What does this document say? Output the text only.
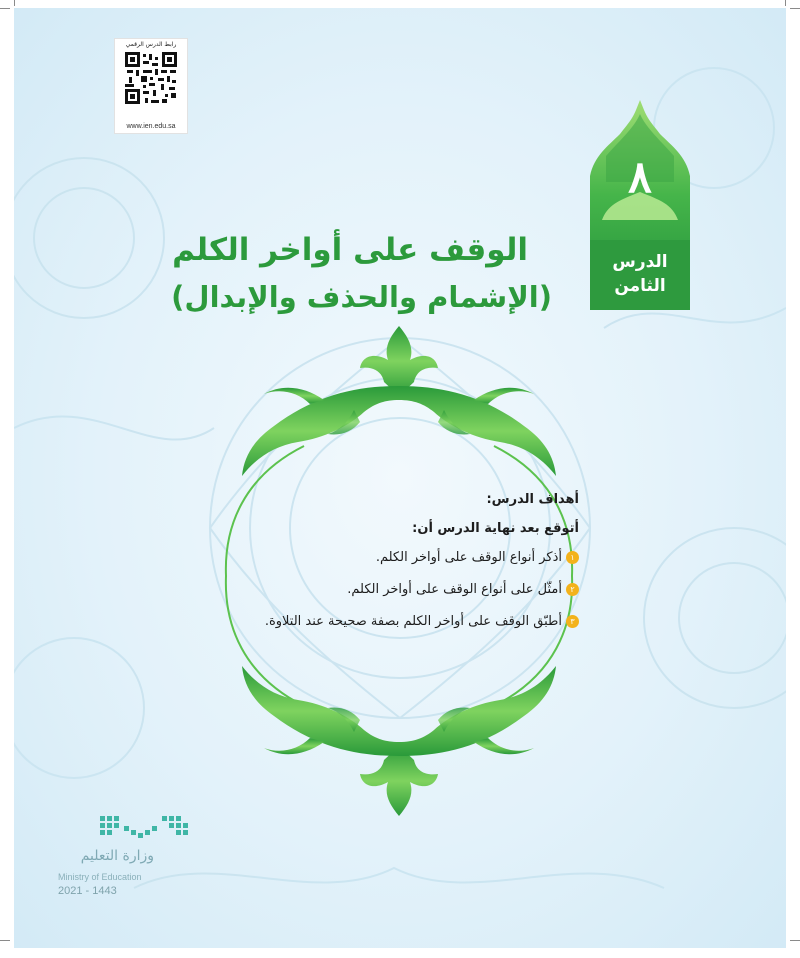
رابط الدرس الرقمي
www.ien.edu.sa
٨
الدرس
الثامن
الوقف على أواخر الكلم
(الإشمام والحذف والإبدال)
أهداف الدرس:
أتوقع بعد نهاية الدرس أن:
١
أذكر أنواع الوقف على أواخر الكلم.
٢
أمثّل على أنواع الوقف على أواخر الكلم.
٣
أطبّق الوقف على أواخر الكلم بصفة صحيحة عند التلاوة.
وزارة التعليم
Ministry of Education
2021 - 1443
